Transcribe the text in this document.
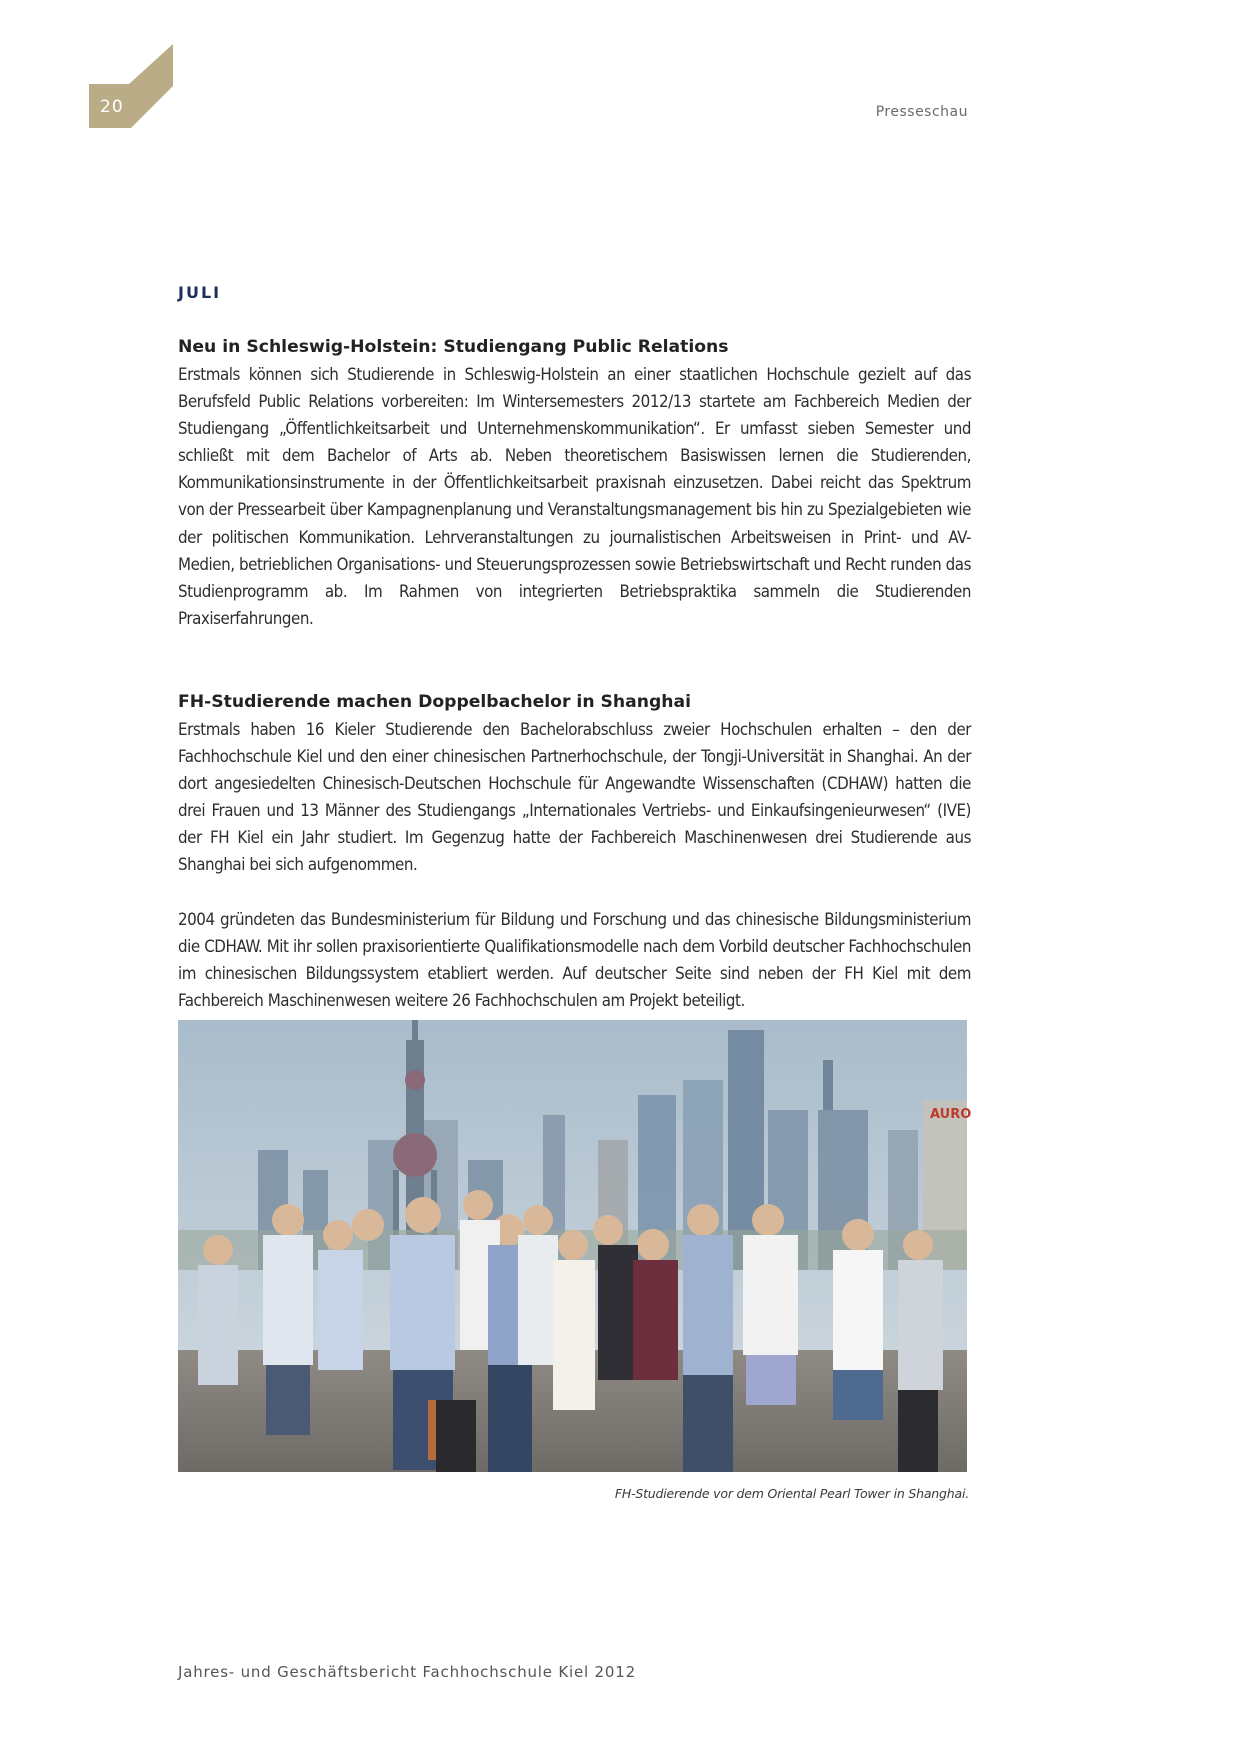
20	Presseschau
JULI
Neu in Schleswig-Holstein: Studiengang Public Relations

Erstmals können sich Studierende in Schleswig-Holstein an einer staatlichen Hochschule gezielt auf das Berufsfeld Public Relations vorbereiten: Im Wintersemesters 2012/13 startete am Fachbereich Medien der Studiengang „Öffentlichkeitsarbeit und Unternehmenskommunikation“. Er umfasst sieben Semester und schließt mit dem Bachelor of Arts ab. Neben theoretischem Basiswissen lernen die Studierenden, Kommunikationsinstrumente in der Öffentlichkeitsarbeit praxisnah einzusetzen. Dabei reicht das Spektrum von der Pressearbeit über Kampagnenplanung und Veranstaltungsmanagement bis hin zu Spezialgebieten wie der politischen Kommunikation. Lehrveranstaltungen zu journalistischen Arbeitsweisen in Print- und AV-Medien, betrieblichen Organisations- und Steuerungsprozessen sowie Betriebswirtschaft und Recht runden das Studienprogramm ab. Im Rahmen von integrierten Betriebspraktika sammeln die Studierenden Praxiserfahrungen.

FH-Studierende machen Doppelbachelor in Shanghai

Erstmals haben 16 Kieler Studierende den Bachelorabschluss zweier Hochschulen erhalten – den der Fachhochschule Kiel und den einer chinesischen Partnerhochschule, der Tongji-Universität in Shanghai. An der dort angesiedelten Chinesisch-Deutschen Hochschule für Angewandte Wissenschaften (CDHAW) hatten die drei Frauen und 13 Männer des Studiengangs „Internationales Vertriebs- und Einkaufsingenieurwesen“ (IVE) der FH Kiel ein Jahr studiert. Im Gegenzug hatte der Fachbereich Maschinenwesen drei Studierende aus Shanghai bei sich aufgenommen.

2004 gründeten das Bundesministerium für Bildung und Forschung und das chinesische Bildungsministerium die CDHAW. Mit ihr sollen praxisorientierte Qualifikationsmodelle nach dem Vorbild deutscher Fachhochschulen im chinesischen Bildungssystem etabliert werden. Auf deutscher Seite sind neben der FH Kiel mit dem Fachbereich Maschinenwesen weitere 26 Fachhochschulen am Projekt beteiligt.

AURO
FH-Studierende vor dem Oriental Pearl Tower in Shanghai.
Jahres- und Geschäftsbericht Fachhochschule Kiel 2012
